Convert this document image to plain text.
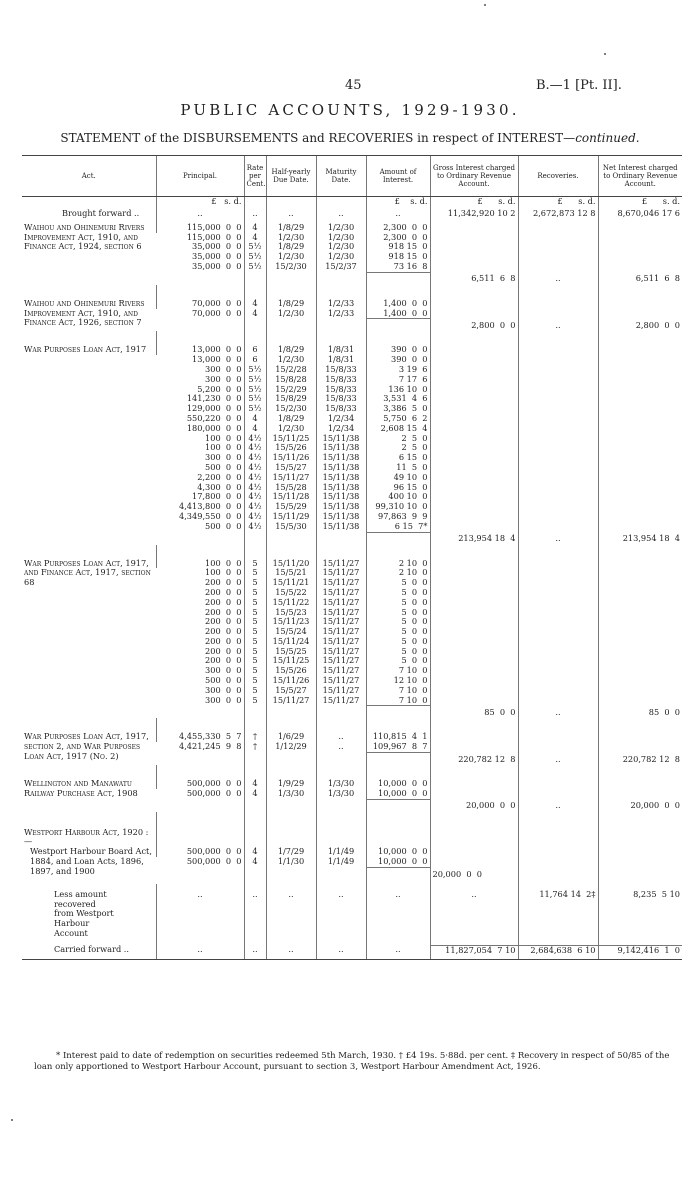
45	B.—1 [Pt. II].
PUBLIC ACCOUNTS, 1929-1930.
STATEMENT of the DISBURSEMENTS and RECOVERIES in respect of INTEREST—continued.
Act.	Principal.	Rate per Cent.	Half-yearly Due Date.	Maturity Date.	Amount of Interest.	Gross Interest charged to Ordinary Revenue Account.	Recoveries.	Net Interest charged to Ordinary Revenue Account.
	£   s. d.				£    s. d.	£      s. d.	£      s. d.	£      s. d.
Brought forward ..	..	..	..	..	..	11,342,920 10 2	2,672,873 12 8	8,670,046 17 6

Waihou and Ohinemuri Rivers Improvement Act, 1910, and Finance Act, 1924, section 6	115,000  0  0	4	1/8/29	1/2/30	2,300  0  0			
	115,000  0  0	4	1/2/30	1/2/30	2,300  0  0			
	35,000  0  0	5½	1/8/29	1/2/30	918 15  0			
	35,000  0  0	5½	1/2/30	1/2/30	918 15  0			
	35,000  0  0	5½	15/2/30	15/2/37	73 16  8			
						6,511  6  8	..	6,511  6  8

Waihou and Ohinemuri Rivers Improvement Act, 1910, and Finance Act, 1926, section 7	70,000  0  0	4	1/8/29	1/2/33	1,400  0  0			
	70,000  0  0	4	1/2/30	1/2/33	1,400  0  0			
						2,800  0  0	..	2,800  0  0

War Purposes Loan Act, 1917	13,000  0  0	6	1/8/29	1/8/31	390  0  0			
	13,000  0  0	6	1/2/30	1/8/31	390  0  0			
	300  0  0	5½	15/2/28	15/8/33	3 19  6			
	300  0  0	5½	15/8/28	15/8/33	7 17  6			
	5,200  0  0	5½	15/2/29	15/8/33	136 10  0			
	141,230  0  0	5½	15/8/29	15/8/33	3,531  4  6			
	129,000  0  0	5½	15/2/30	15/8/33	3,386  5  0			
	550,220  0  0	4	1/8/29	1/2/34	5,750  6  2			
	180,000  0  0	4	1/2/30	1/2/34	2,608 15  4			
	100  0  0	4½	15/11/25	15/11/38	2  5  0			
	100  0  0	4½	15/5/26	15/11/38	2  5  0			
	300  0  0	4½	15/11/26	15/11/38	6 15  0			
	500  0  0	4½	15/5/27	15/11/38	11  5  0			
	2,200  0  0	4½	15/11/27	15/11/38	49 10  0			
	4,300  0  0	4½	15/5/28	15/11/38	96 15  0			
	17,800  0  0	4½	15/11/28	15/11/38	400 10  0			
	4,413,800  0  0	4½	15/5/29	15/11/38	99,310 10  0			
	4,349,550  0  0	4½	15/11/29	15/11/38	97,863  9  9			
	500  0  0	4½	15/5/30	15/11/38	6 15  7*			
						213,954 18  4	..	213,954 18  4

War Purposes Loan Act, 1917, and Finance Act, 1917, section 68	100  0  0	5	15/11/20	15/11/27	2 10  0			
	100  0  0	5	15/5/21	15/11/27	2 10  0			
	200  0  0	5	15/11/21	15/11/27	5  0  0			
	200  0  0	5	15/5/22	15/11/27	5  0  0			
	200  0  0	5	15/11/22	15/11/27	5  0  0			
	200  0  0	5	15/5/23	15/11/27	5  0  0			
	200  0  0	5	15/11/23	15/11/27	5  0  0			
	200  0  0	5	15/5/24	15/11/27	5  0  0			
	200  0  0	5	15/11/24	15/11/27	5  0  0			
	200  0  0	5	15/5/25	15/11/27	5  0  0			
	200  0  0	5	15/11/25	15/11/27	5  0  0			
	300  0  0	5	15/5/26	15/11/27	7 10  0			
	500  0  0	5	15/11/26	15/11/27	12 10  0			
	300  0  0	5	15/5/27	15/11/27	7 10  0			
	300  0  0	5	15/11/27	15/11/27	7 10  0			
						85  0  0	..	85  0  0

War Purposes Loan Act, 1917, section 2, and War Purposes Loan Act, 1917 (No. 2)	4,455,330  5  7	†	1/6/29	..	110,815  4  1			
	4,421,245  9  8	†	1/12/29	..	109,967  8  7			
						220,782 12  8	..	220,782 12  8

Wellington and Manawatu Railway Purchase Act, 1908	500,000  0  0	4	1/9/29	1/3/30	10,000  0  0			
	500,000  0  0	4	1/3/30	1/3/30	10,000  0  0			
						20,000  0  0	..	20,000  0  0

Westport Harbour Act, 1920 :—								
Westport Harbour Board Act, 1884, and Loan Acts, 1896, 1897, and 1900	500,000  0  0	4	1/7/29	1/1/49	10,000  0  0			
	500,000  0  0	4	1/1/30	1/1/49	10,000  0  0			
						20,000  0  0		

Less amount recovered from Westport Harbour Account	..	..	..	..	..	..	11,764 14  2‡	8,235  5 10

Carried forward ..	..	..	..	..	..	11,827,054  7 10	2,684,638  6 10	9,142,416  1  0

* Interest paid to date of redemption on securities redeemed 5th March, 1930. † £4 19s. 5·88d. per cent. ‡ Recovery in respect of 50/85 of the loan only apportioned to Westport Harbour Account, pursuant to section 3, Westport Harbour Amendment Act, 1926.
